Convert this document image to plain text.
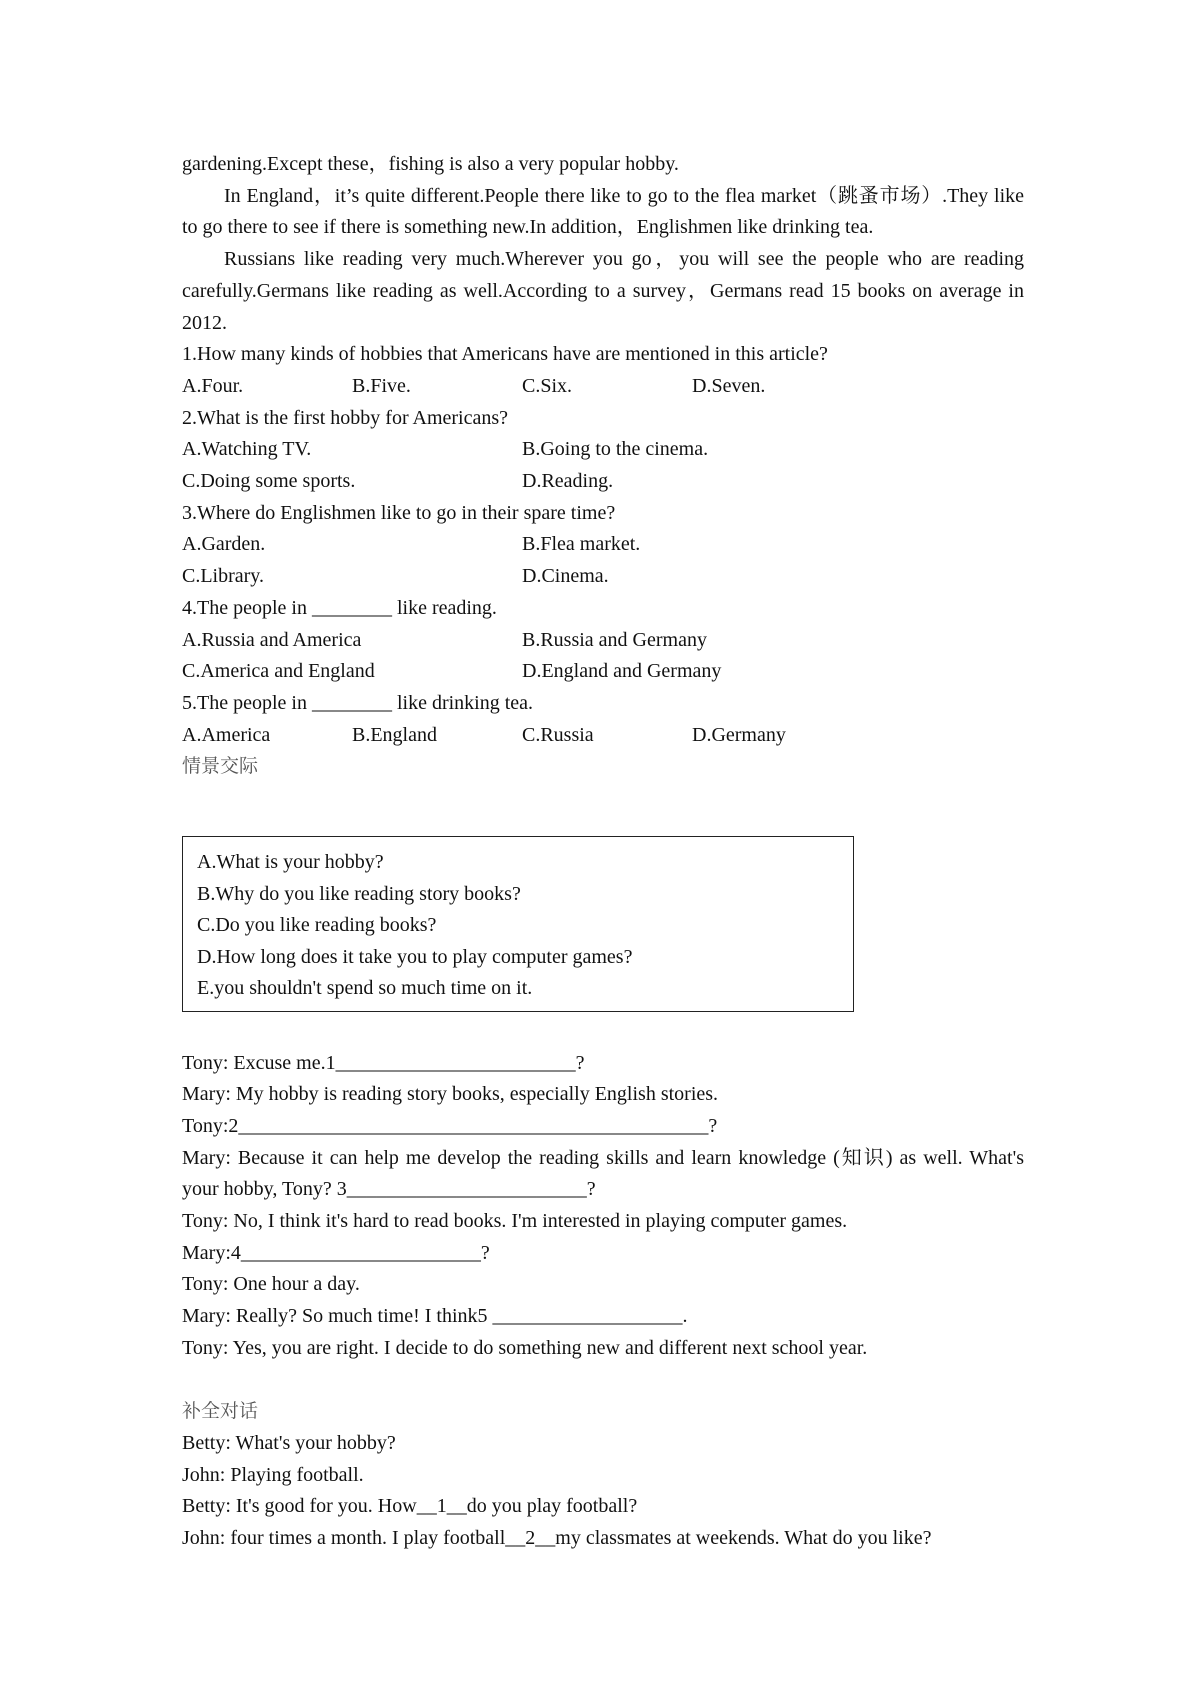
gardening.Except these，fishing is also a very popular hobby.
In England，it’s quite different.People there like to go to the flea market（跳蚤市场）.They like to go there to see if there is something new.In addition，Englishmen like drinking tea.
Russians like reading very much.Wherever you go，you will see the people who are reading carefully.Germans like reading as well.According to a survey，Germans read 15 books on average in 2012.
1.How many kinds of hobbies that Americans have are mentioned in this article?
A.Four.	B.Five.	C.Six.	D.Seven.
2.What is the first hobby for Americans?
A.Watching TV.	B.Going to the cinema.
C.Doing some sports.	D.Reading.
3.Where do Englishmen like to go in their spare time?
A.Garden.	B.Flea market.
C.Library.	D.Cinema.
4.The people in ________ like reading.
A.Russia and America	B.Russia and Germany
C.America and England	D.England and Germany
5.The people in ________ like drinking tea.
A.America	B.England	C.Russia	D.Germany
情景交际
A.What is your hobby?
B.Why do you like reading story books?
C.Do you like reading books?
D.How long does it take you to play computer games?
E.you shouldn't spend so much time on it.
Tony: Excuse me.1________________________?
Mary: My hobby is reading story books, especially English stories.
Tony:2_______________________________________________?
Mary: Because it can help me develop the reading skills and learn knowledge (知识) as well. What's your hobby, Tony? 3________________________?
Tony: No, I think it's hard to read books. I'm interested in playing computer games.
Mary:4________________________?
Tony: One hour a day.
Mary: Really? So much time! I think5 ___________________.
Tony: Yes, you are right. I decide to do something new and different next school year.
补全对话
Betty: What's your hobby?
John: Playing football.
Betty: It's good for you. How__1__do you play football?
John: four times a month. I play football__2__my classmates at weekends. What do you like?
